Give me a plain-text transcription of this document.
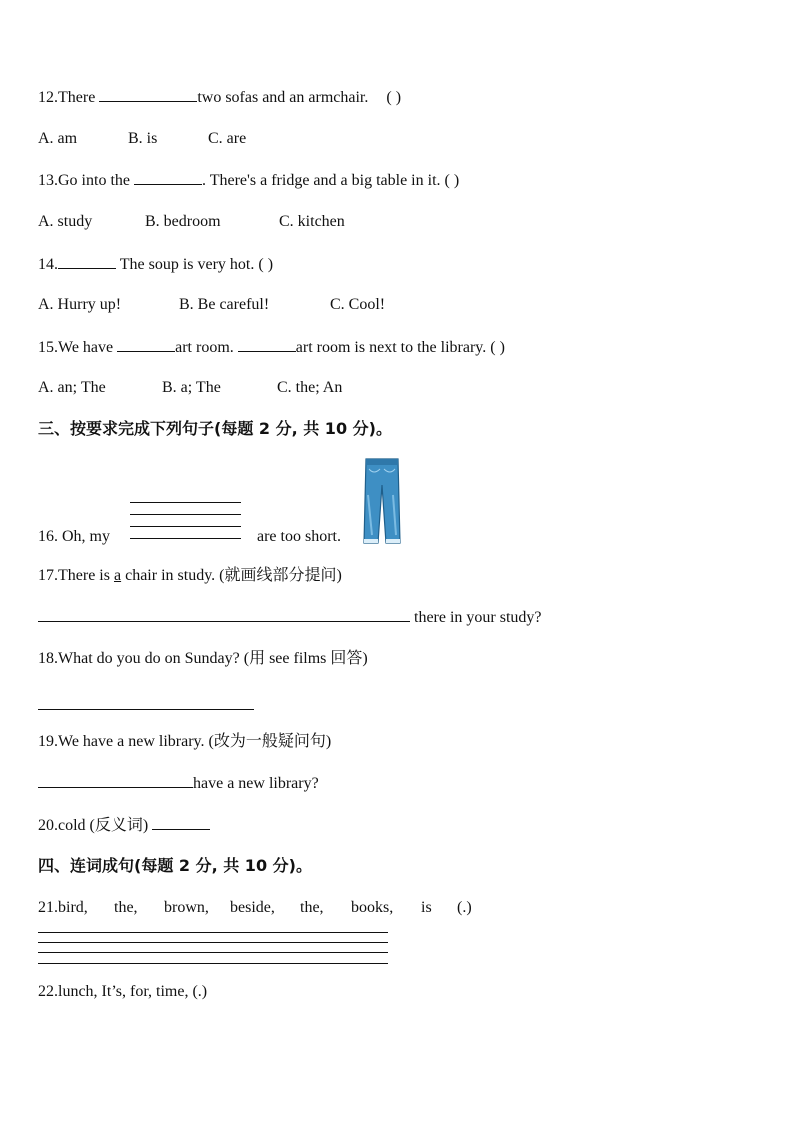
12.There	two sofas and an armchair. ( )
A. am	B. is	C. are
13.Go into the	. There's a fridge and a big table in it. ( )
A. study	B. bedroom	C. kitchen
14.	The soup is very hot. ( )
A. Hurry up!	B. Be careful!	C. Cool!
15.We have	art room.	art room is next to the library. ( )
A. an; The	B. a; The	C. the; An
三、按要求完成下列句子(每题 2 分, 共 10 分)。
16. Oh, my	are too short.
17.There is a chair in study. (就画线部分提问)
there in your study?
18.What do you do on Sunday? (用 see films 回答)
19.We have a new library. (改为一般疑问句)
have a new library?
20.cold (反义词)
四、连词成句(每题 2 分, 共 10 分)。
21.bird, the, brown, beside, the, books, is (.)
22.lunch, It’s, for, time, (.)
